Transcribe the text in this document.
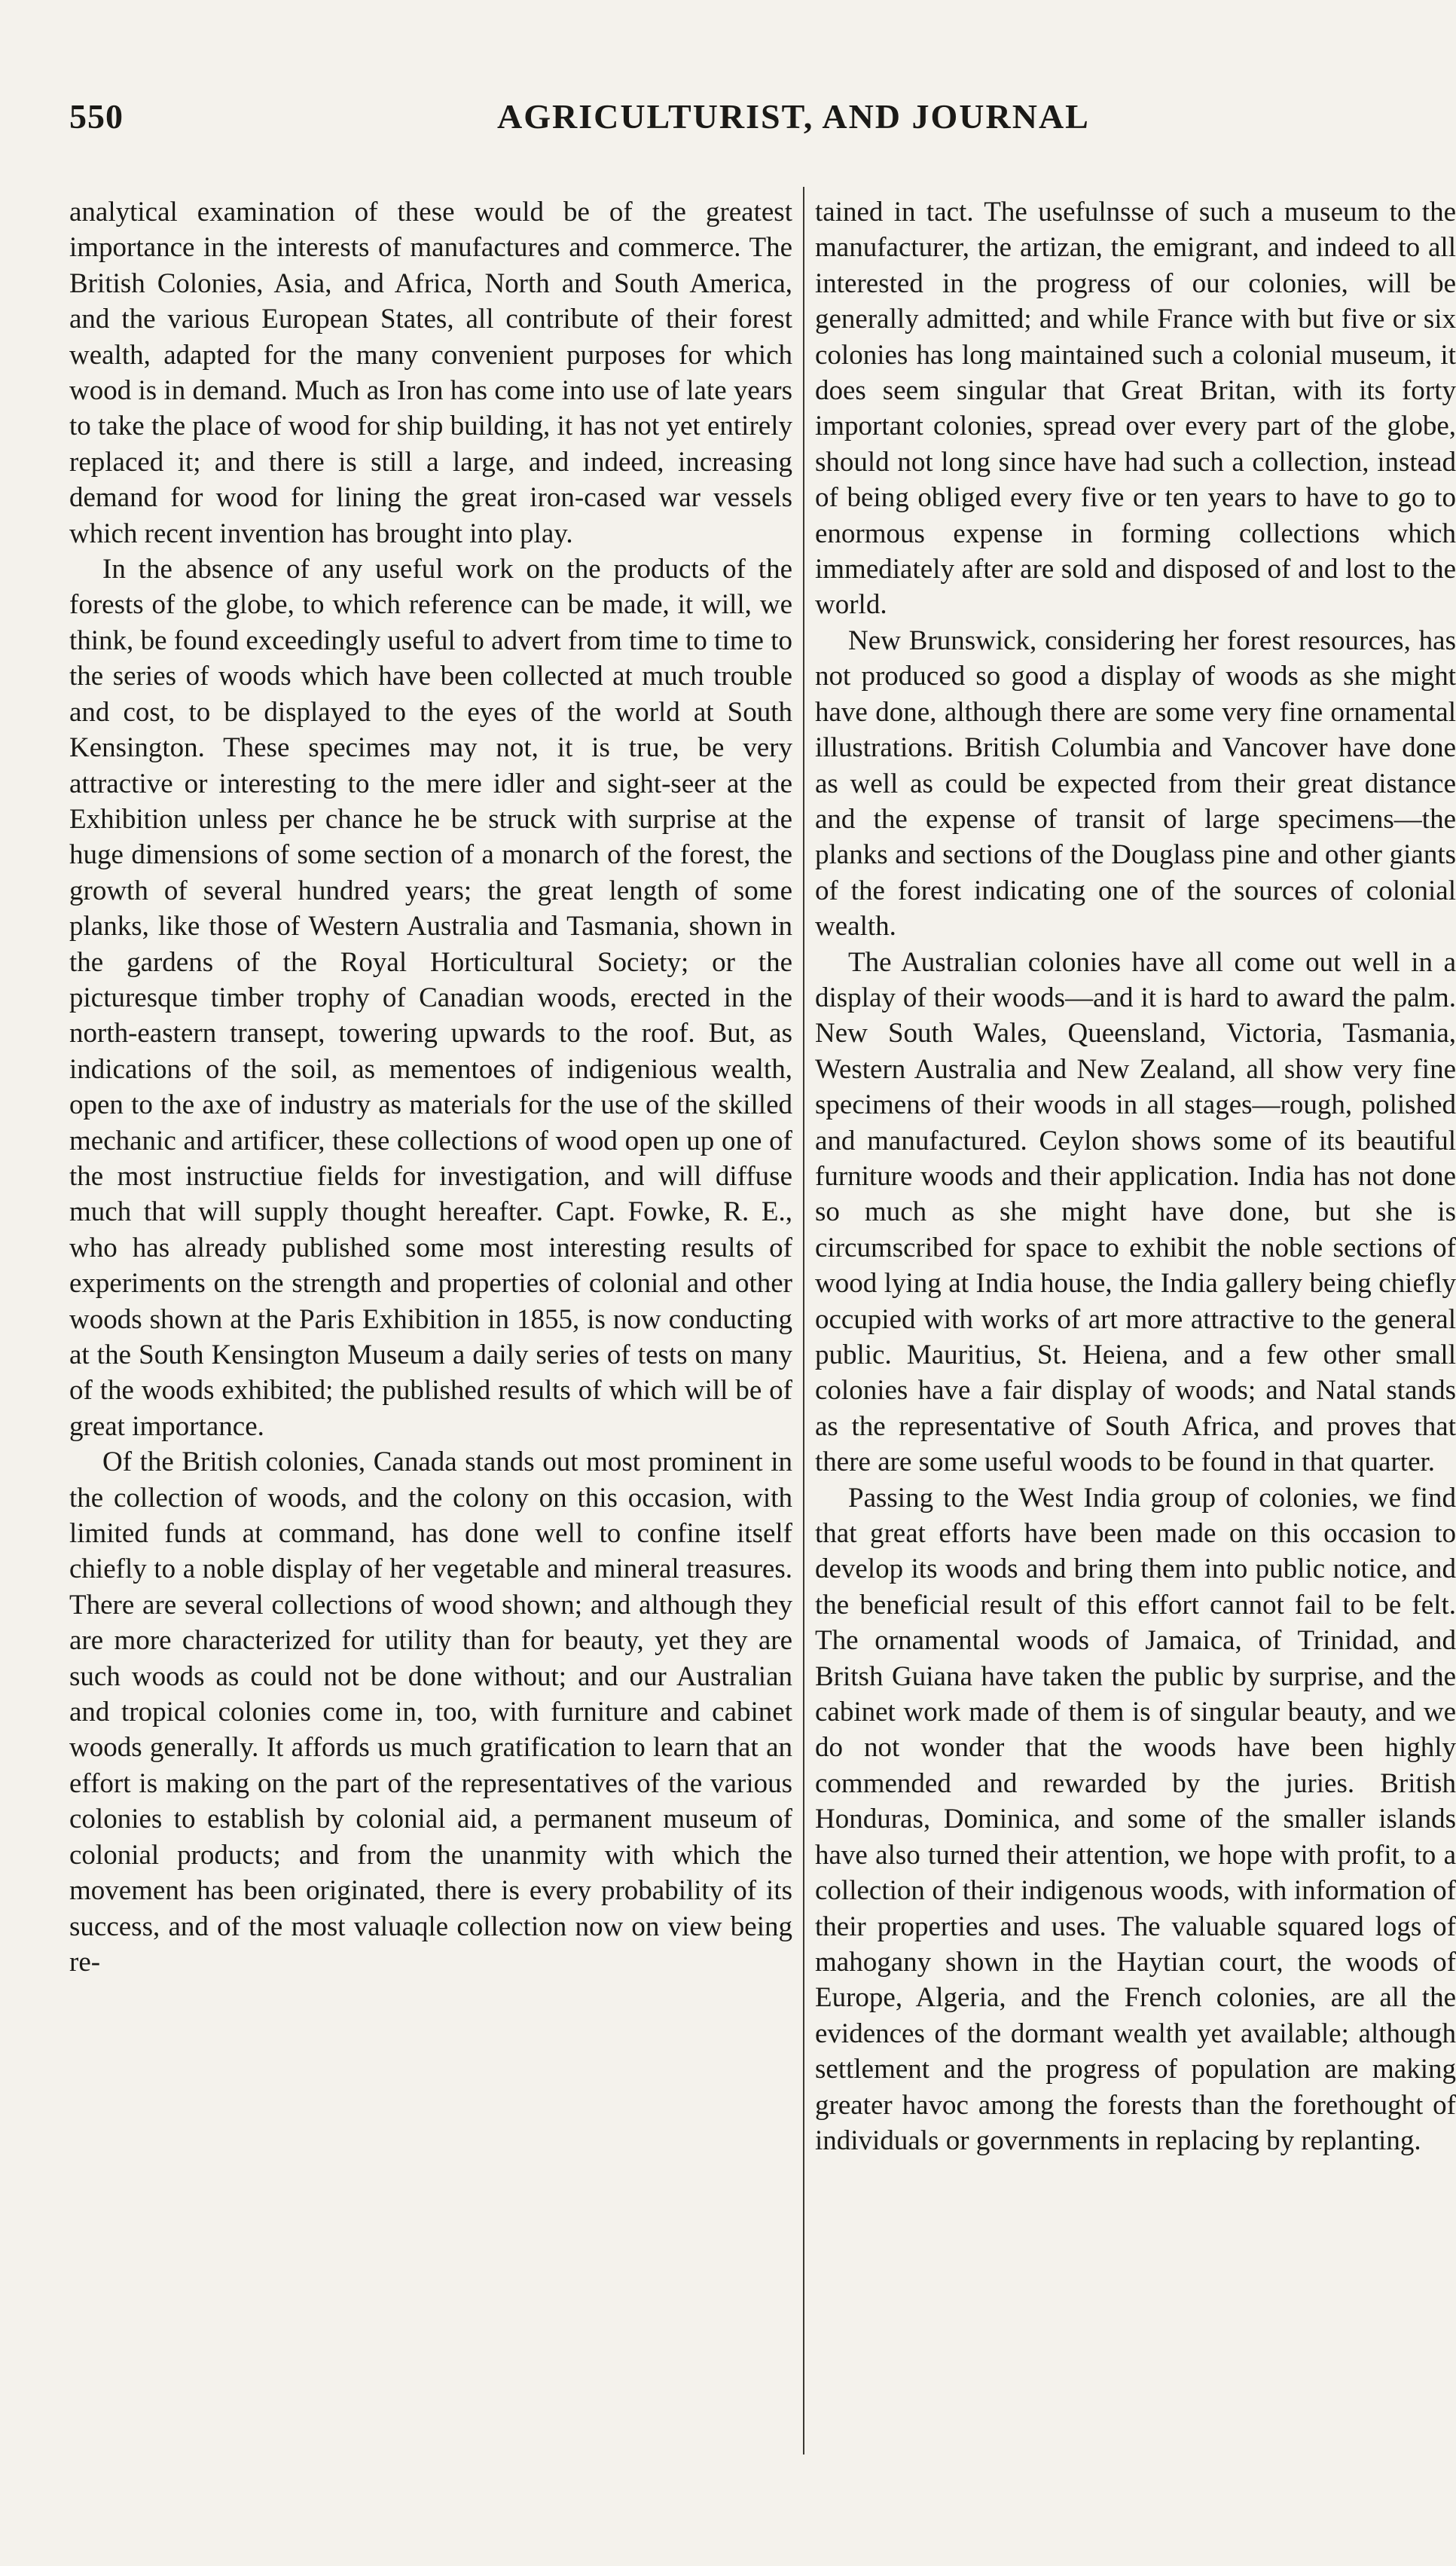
550	AGRICULTURIST, AND JOURNAL

analytical examination of these would be of the greatest importance in the interests of manufactures and commerce. The British Colonies, Asia, and Africa, North and South America, and the various European States, all contribute of their forest wealth, adapted for the many convenient purposes for which wood is in demand. Much as Iron has come into use of late years to take the place of wood for ship building, it has not yet entirely replaced it; and there is still a large, and indeed, increasing demand for wood for lining the great iron-cased war vessels which recent invention has brought into play.

In the absence of any useful work on the products of the forests of the globe, to which reference can be made, it will, we think, be found exceedingly useful to advert from time to time to the series of woods which have been collected at much trouble and cost, to be displayed to the eyes of the world at South Kensington. These specimes may not, it is true, be very attractive or interesting to the mere idler and sight-seer at the Exhibition unless per chance he be struck with surprise at the huge dimensions of some section of a monarch of the forest, the growth of several hundred years; the great length of some planks, like those of Western Australia and Tasmania, shown in the gardens of the Royal Horticultural Society; or the picturesque timber trophy of Canadian woods, erected in the north-eastern transept, towering upwards to the roof. But, as indications of the soil, as mementoes of indigenious wealth, open to the axe of industry as materials for the use of the skilled mechanic and artificer, these collections of wood open up one of the most instructiue fields for investigation, and will diffuse much that will supply thought hereafter. Capt. Fowke, R. E., who has already published some most interesting results of experiments on the strength and properties of colonial and other woods shown at the Paris Exhibition in 1855, is now conducting at the South Kensington Museum a daily series of tests on many of the woods exhibited; the published results of which will be of great importance.

Of the British colonies, Canada stands out most prominent in the collection of woods, and the colony on this occasion, with limited funds at command, has done well to confine itself chiefly to a noble display of her vegetable and mineral treasures. There are several collections of wood shown; and although they are more characterized for utility than for beauty, yet they are such woods as could not be done without; and our Australian and tropical colonies come in, too, with furniture and cabinet woods generally. It affords us much gratification to learn that an effort is making on the part of the representatives of the various colonies to establish by colonial aid, a permanent museum of colonial products; and from the unanmity with which the movement has been originated, there is every probability of its success, and of the most valuaqle collection now on view being re-

tained in tact. The usefulnsse of such a museum to the manufacturer, the artizan, the emigrant, and indeed to all interested in the progress of our colonies, will be generally admitted; and while France with but five or six colonies has long maintained such a colonial museum, it does seem singular that Great Britan, with its forty important colonies, spread over every part of the globe, should not long since have had such a collection, instead of being obliged every five or ten years to have to go to enormous expense in forming collections which immediately after are sold and disposed of and lost to the world.

New Brunswick, considering her forest resources, has not produced so good a display of woods as she might have done, although there are some very fine ornamental illustrations. British Columbia and Vancover have done as well as could be expected from their great distance and the expense of transit of large specimens—the planks and sections of the Douglass pine and other giants of the forest indicating one of the sources of colonial wealth.

The Australian colonies have all come out well in a display of their woods—and it is hard to award the palm. New South Wales, Queensland, Victoria, Tasmania, Western Australia and New Zealand, all show very fine specimens of their woods in all stages—rough, polished and manufactured. Ceylon shows some of its beautiful furniture woods and their application. India has not done so much as she might have done, but she is circumscribed for space to exhibit the noble sections of wood lying at India house, the India gallery being chiefly occupied with works of art more attractive to the general public. Mauritius, St. Heiena, and a few other small colonies have a fair display of woods; and Natal stands as the representative of South Africa, and proves that there are some useful woods to be found in that quarter.

Passing to the West India group of colonies, we find that great efforts have been made on this occasion to develop its woods and bring them into public notice, and the beneficial result of this effort cannot fail to be felt. The ornamental woods of Jamaica, of Trinidad, and Britsh Guiana have taken the public by surprise, and the cabinet work made of them is of singular beauty, and we do not wonder that the woods have been highly commended and rewarded by the juries. British Honduras, Dominica, and some of the smaller islands have also turned their attention, we hope with profit, to a collection of their indigenous woods, with information of their properties and uses. The valuable squared logs of mahogany shown in the Haytian court, the woods of Europe, Algeria, and the French colonies, are all the evidences of the dormant wealth yet available; although settlement and the progress of population are making greater havoc among the forests than the forethought of individuals or governments in replacing by replanting.
